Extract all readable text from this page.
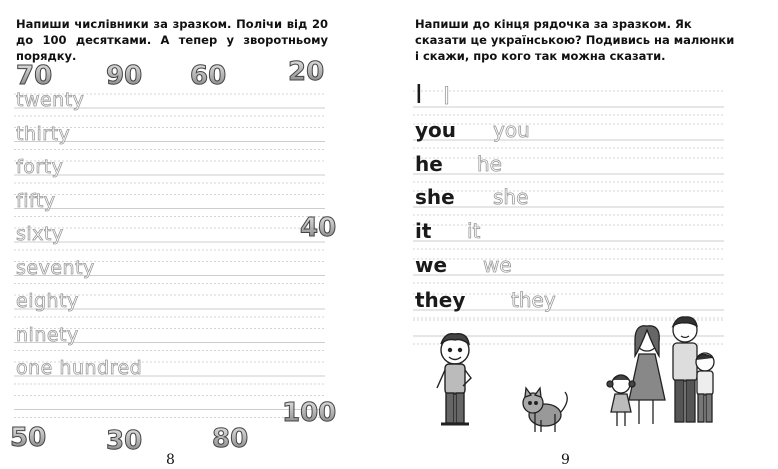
Напиши числівники за зразком. Полічи від 20 до 100 десятками. А тепер у зворотньому порядку.
twenty
thirty
forty
fifty
sixty
seventy
eighty
ninety
one hundred
70 90 60 20
40
50 30	80
100
8
Напиши до кінця рядочка за зразком. Як сказати це українською? Подивись на малюнки і скажи, про кого так можна сказати.
I I
you you
he he
she she
it it
we we
they they
9
